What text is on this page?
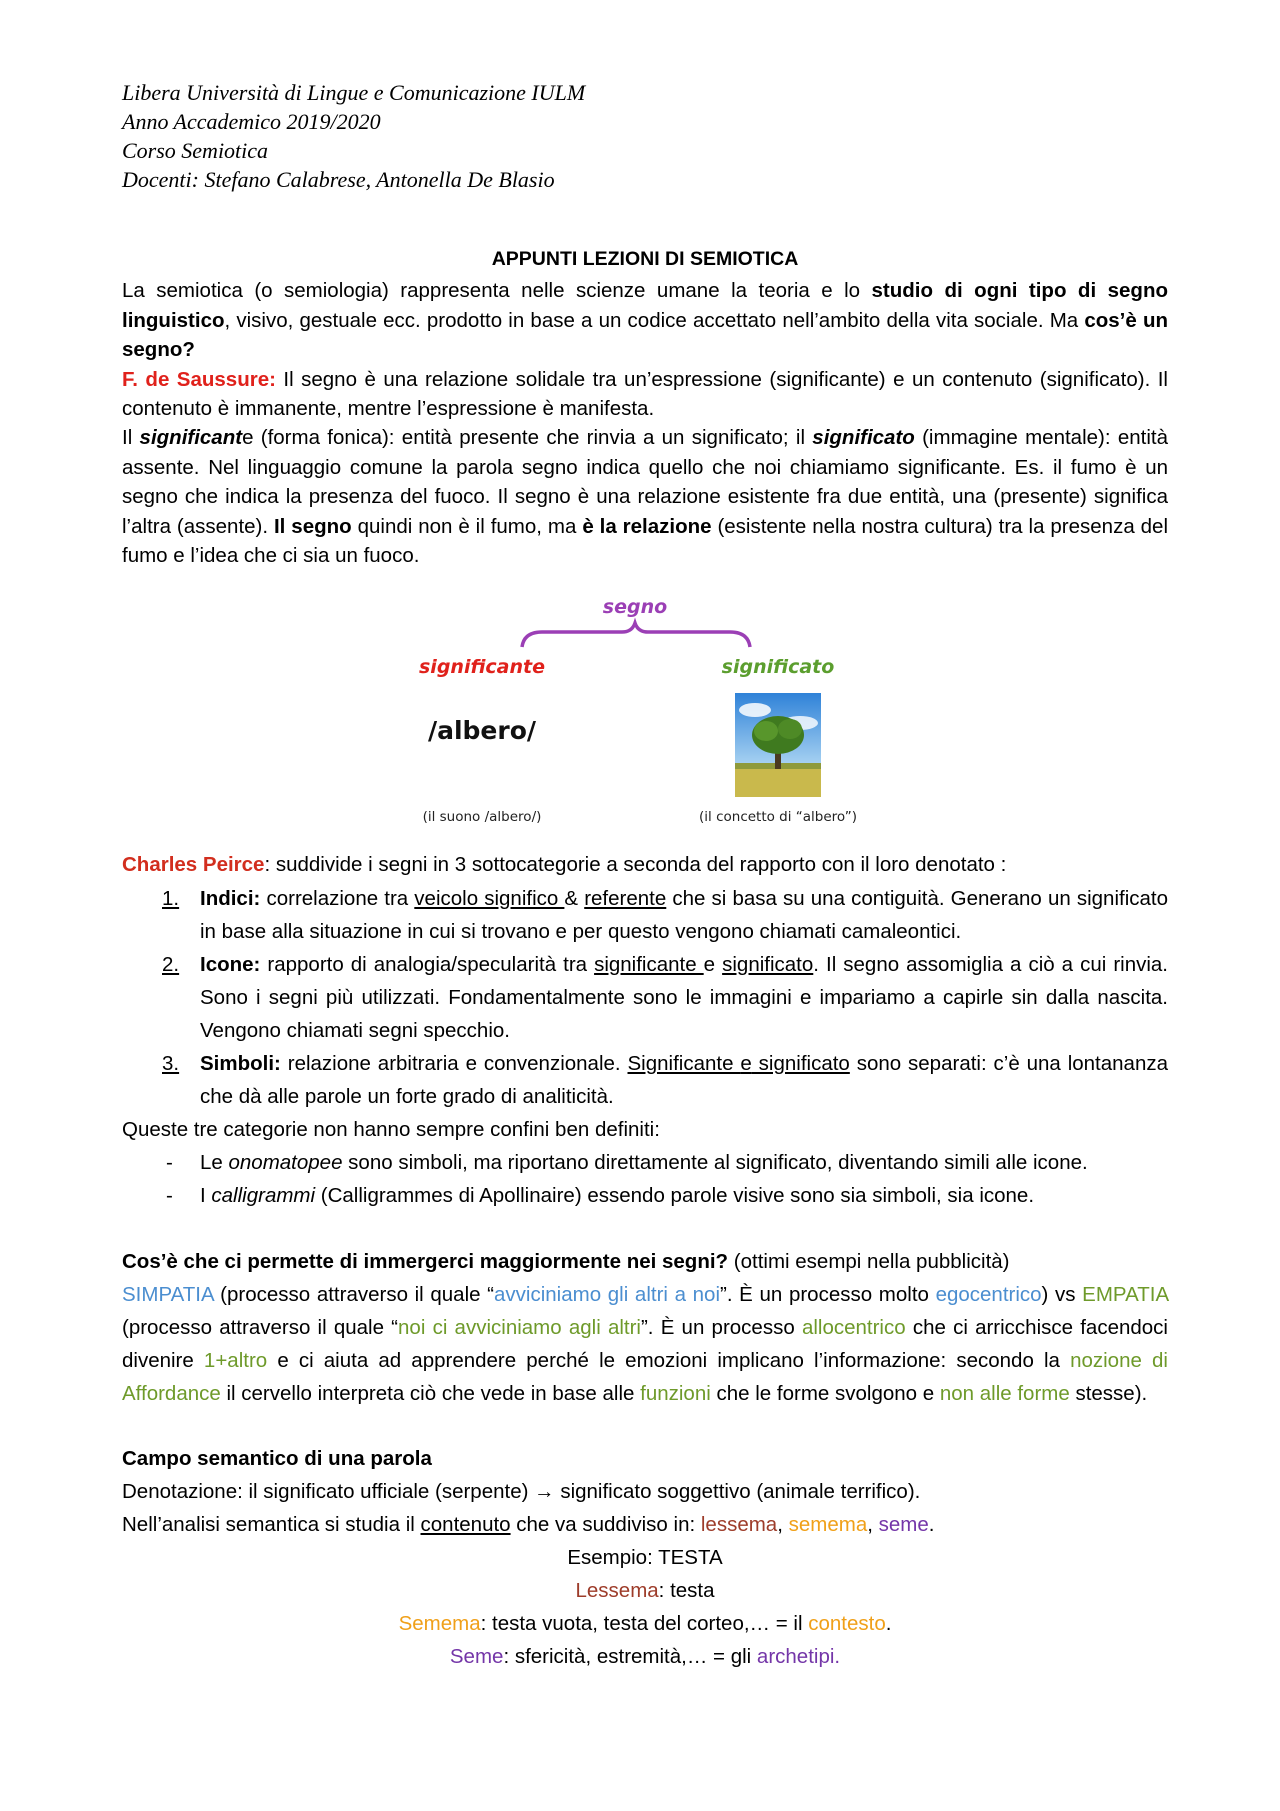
Libera Università di Lingue e Comunicazione IULM
Anno Accademico 2019/2020
Corso Semiotica
Docenti: Stefano Calabrese, Antonella De Blasio
APPUNTI LEZIONI DI SEMIOTICA
La semiotica (o semiologia) rappresenta nelle scienze umane la teoria e lo studio di ogni tipo di segno linguistico, visivo, gestuale ecc. prodotto in base a un codice accettato nell’ambito della vita sociale. Ma cos’è un segno?
F. de Saussure: Il segno è una relazione solidale tra un’espressione (significante) e un contenuto (significato). Il contenuto è immanente, mentre l’espressione è manifesta.
Il significante (forma fonica): entità presente che rinvia a un significato; il significato (immagine mentale): entità assente. Nel linguaggio comune la parola segno indica quello che noi chiamiamo significante. Es. il fumo è un segno che indica la presenza del fuoco. Il segno è una relazione esistente fra due entità, una (presente) significa l’altra (assente). Il segno quindi non è il fumo, ma è la relazione (esistente nella nostra cultura) tra la presenza del fumo e l’idea che ci sia un fuoco.
segno
significante	significato
/albero/
(il suono /albero/)	(il concetto di “albero”)
Charles Peirce: suddivide i segni in 3 sottocategorie a seconda del rapporto con il loro denotato :
1. Indici: correlazione tra veicolo significo & referente che si basa su una contiguità. Generano un significato in base alla situazione in cui si trovano e per questo vengono chiamati camaleontici.
2. Icone: rapporto di analogia/specularità tra significante e significato. Il segno assomiglia a ciò a cui rinvia. Sono i segni più utilizzati. Fondamentalmente sono le immagini e impariamo a capirle sin dalla nascita. Vengono chiamati segni specchio.
3. Simboli: relazione arbitraria e convenzionale. Significante e significato sono separati: c’è una lontananza che dà alle parole un forte grado di analiticità.
Queste tre categorie non hanno sempre confini ben definiti:
- Le onomatopee sono simboli, ma riportano direttamente al significato, diventando simili alle icone.
- I calligrammi (Calligrammes di Apollinaire) essendo parole visive sono sia simboli, sia icone.
Cos’è che ci permette di immergerci maggiormente nei segni? (ottimi esempi nella pubblicità)
SIMPATIA (processo attraverso il quale “avviciniamo gli altri a noi”. È un processo molto egocentrico) vs EMPATIA (processo attraverso il quale “noi ci avviciniamo agli altri”. È un processo allocentrico che ci arricchisce facendoci divenire 1+altro e ci aiuta ad apprendere perché le emozioni implicano l’informazione: secondo la nozione di Affordance il cervello interpreta ciò che vede in base alle funzioni che le forme svolgono e non alle forme stesse).
Campo semantico di una parola
Denotazione: il significato ufficiale (serpente) → significato soggettivo (animale terrifico).
Nell’analisi semantica si studia il contenuto che va suddiviso in: lessema, semema, seme.
Esempio: TESTA
Lessema: testa
Semema: testa vuota, testa del corteo,… = il contesto.
Seme: sfericità, estremità,… = gli archetipi.
